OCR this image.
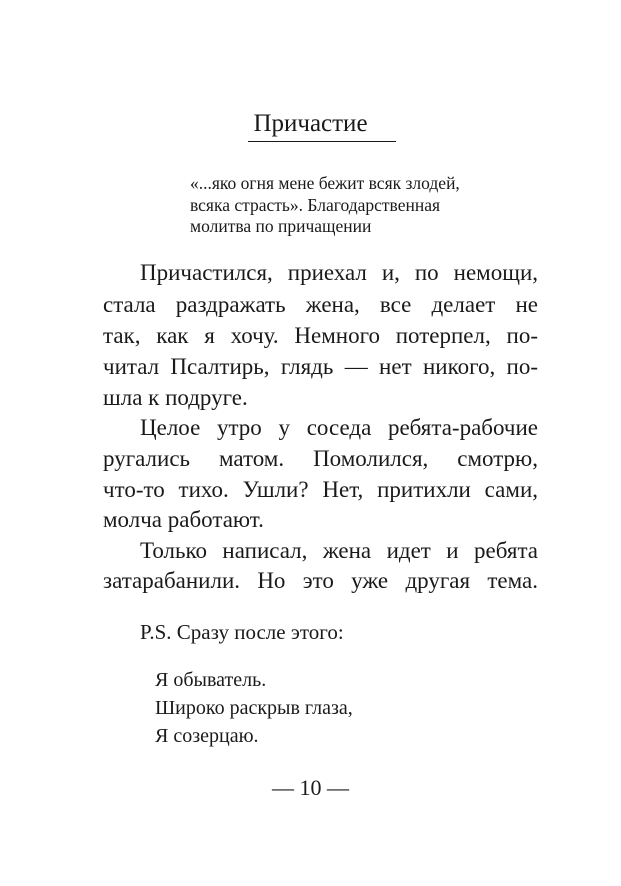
Причастие
«...яко огня мене бежит всяк злодей,
всяка страсть». Благодарственная
молитва по причащении
Причастился, приехал и, по немощи,
стала раздражать жена, все делает не
так, как я хочу. Немного потерпел, по-
читал Псалтирь, глядь — нет никого, по-
шла к подруге.
Целое утро у соседа ребята-рабочие
ругались матом. Помолился, смотрю,
что-то тихо. Ушли? Нет, притихли сами,
молча работают.
Только написал, жена идет и ребята
затарабанили. Но это уже другая тема.
P.S. Сразу после этого:
Я обыватель.
Широко раскрыв глаза,
Я созерцаю.
— 10 —
